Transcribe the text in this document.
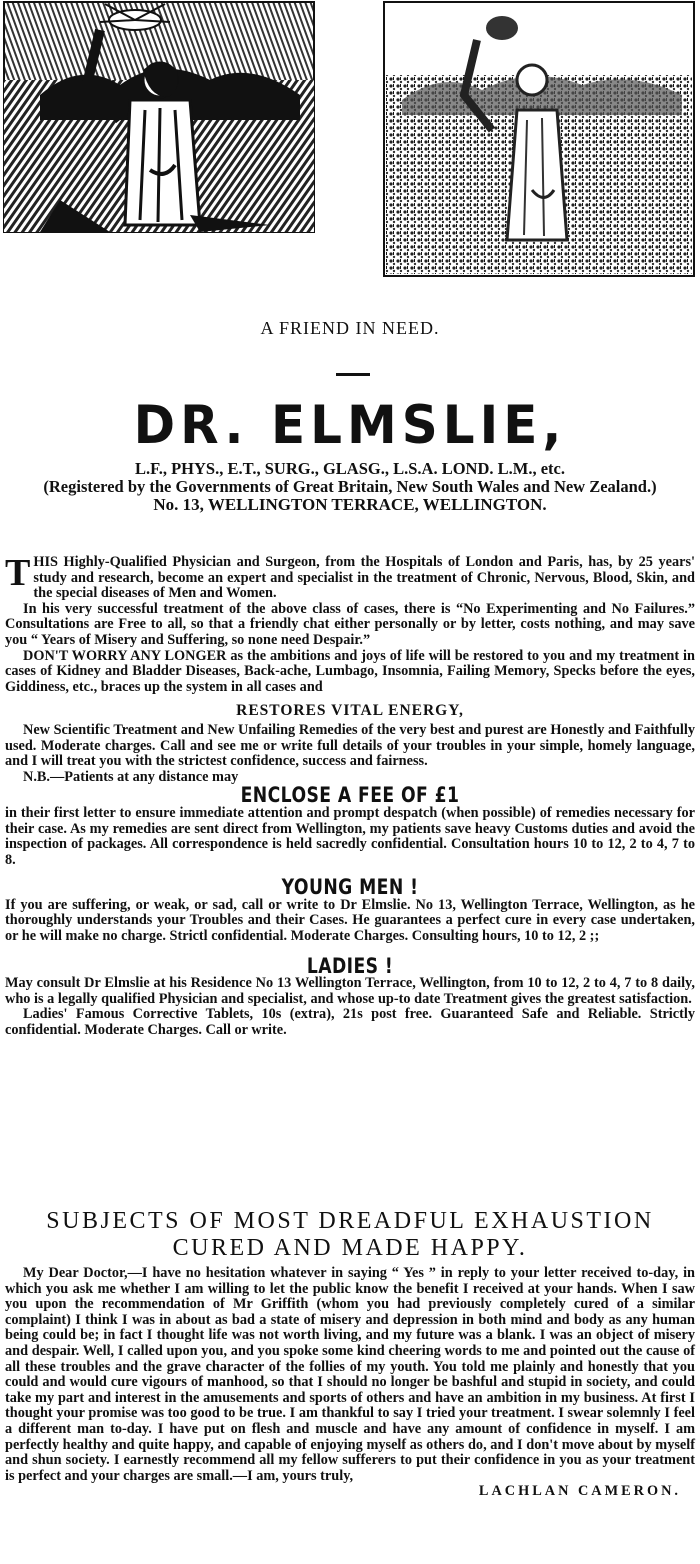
A FRIEND IN NEED.
DR. ELMSLIE,
L.F., PHYS., E.T., SURG., GLASG., L.S.A. LOND. L.M., etc.
(Registered by the Governments of Great Britain, New South Wales and New Zealand.)
No. 13, WELLINGTON TERRACE, WELLINGTON.

THIS Highly-Qualified Physician and Surgeon, from the Hospitals of London and Paris, has, by 25 years' study and research, become an expert and specialist in the treatment of Chronic, Nervous, Blood, Skin, and the special diseases of Men and Women.

In his very successful treatment of the above class of cases, there is “No Experimenting and No Failures.” Consultations are Free to all, so that a friendly chat either personally or by letter, costs nothing, and may save you “ Years of Misery and Suffering, so none need Despair.”

DON'T WORRY ANY LONGER as the ambitions and joys of life will be restored to you and my treatment in cases of Kidney and Bladder Diseases, Back-ache, Lumbago, Insomnia, Failing Memory, Specks before the eyes, Giddiness, etc., braces up the system in all cases and

RESTORES VITAL ENERGY,

New Scientific Treatment and New Unfailing Remedies of the very best and purest are Honestly and Faithfully used. Moderate charges. Call and see me or write full details of your troubles in your simple, homely language, and I will treat you with the strictest confidence, success and fairness.

N.B.—Patients at any distance may

ENCLOSE A FEE OF £1

in their first letter to ensure immediate attention and prompt despatch (when possible) of remedies necessary for their case. As my remedies are sent direct from Wellington, my patients save heavy Customs duties and avoid the inspection of packages. All correspondence is held sacredly confidential. Consultation hours 10 to 12, 2 to 4, 7 to 8.

YOUNG MEN !

If you are suffering, or weak, or sad, call or write to Dr Elmslie. No 13, Wellington Terrace, Wellington, as he thoroughly understands your Troubles and their Cases. He guarantees a perfect cure in every case undertaken, or he will make no charge. Strictl confidential. Moderate Charges. Consulting hours, 10 to 12, 2 ;;

LADIES !

May consult Dr Elmslie at his Residence No 13 Wellington Terrace, Wellington, from 10 to 12, 2 to 4, 7 to 8 daily, who is a legally qualified Physician and specialist, and whose up-to date Treatment gives the greatest satisfaction.

Ladies' Famous Corrective Tablets, 10s (extra), 21s post free. Guaranteed Safe and Reliable. Strictly confidential. Moderate Charges. Call or write.

SUBJECTS OF MOST DREADFUL EXHAUSTION
CURED AND MADE HAPPY.

My Dear Doctor,—I have no hesitation whatever in saying “ Yes ” in reply to your letter received to-day, in which you ask me whether I am willing to let the public know the benefit I received at your hands. When I saw you upon the recommendation of Mr Griffith (whom you had previously completely cured of a similar complaint) I think I was in about as bad a state of misery and depression in both mind and body as any human being could be; in fact I thought life was not worth living, and my future was a blank. I was an object of misery and despair. Well, I called upon you, and you spoke some kind cheering words to me and pointed out the cause of all these troubles and the grave character of the follies of my youth. You told me plainly and honestly that you could and would cure vigours of manhood, so that I should no longer be bashful and stupid in society, and could take my part and interest in the amusements and sports of others and have an ambition in my business. At first I thought your promise was too good to be true. I am thankful to say I tried your treatment. I swear solemnly I feel a different man to-day. I have put on flesh and muscle and have any amount of confidence in myself. I am perfectly healthy and quite happy, and capable of enjoying myself as others do, and I don't move about by myself and shun society. I earnestly recommend all my fellow sufferers to put their confidence in you as your treatment is perfect and your charges are small.—I am, yours truly,

LACHLAN CAMERON.
